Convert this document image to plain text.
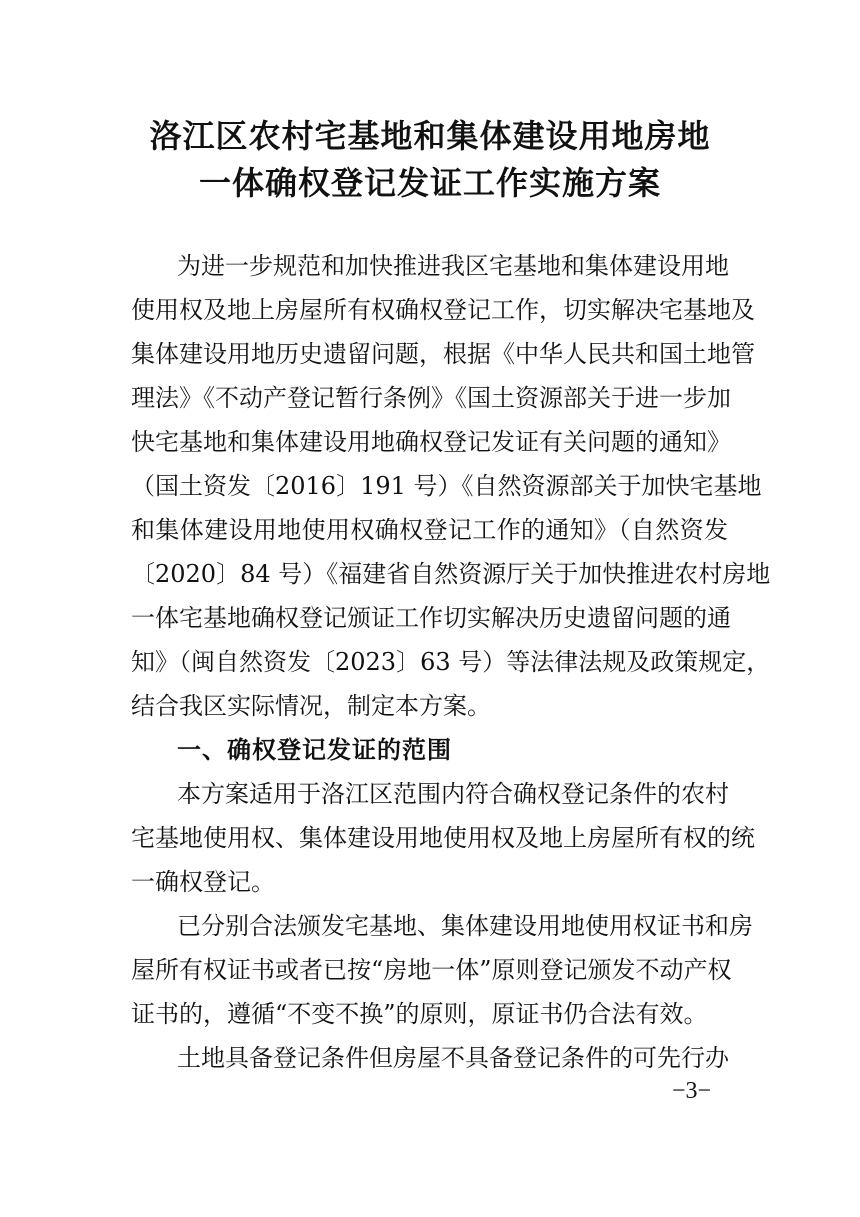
洛江区农村宅基地和集体建设用地房地
一体确权登记发证工作实施方案
为进一步规范和加快推进我区宅基地和集体建设用地
使用权及地上房屋所有权确权登记工作，切实解决宅基地及
集体建设用地历史遗留问题，根据《中华人民共和国土地管
理法》《不动产登记暂行条例》《国土资源部关于进一步加
快宅基地和集体建设用地确权登记发证有关问题的通知》
（国土资发〔2016〕191 号）《自然资源部关于加快宅基地
和集体建设用地使用权确权登记工作的通知》（自然资发
〔2020〕84 号）《福建省自然资源厅关于加快推进农村房地
一体宅基地确权登记颁证工作切实解决历史遗留问题的通
知》（闽自然资发〔2023〕63 号）等法律法规及政策规定，
结合我区实际情况，制定本方案。
一、确权登记发证的范围
本方案适用于洛江区范围内符合确权登记条件的农村
宅基地使用权、集体建设用地使用权及地上房屋所有权的统
一确权登记。
已分别合法颁发宅基地、集体建设用地使用权证书和房
屋所有权证书或者已按“房地一体”原则登记颁发不动产权
证书的，遵循“不变不换”的原则，原证书仍合法有效。
土地具备登记条件但房屋不具备登记条件的可先行办
−3−
